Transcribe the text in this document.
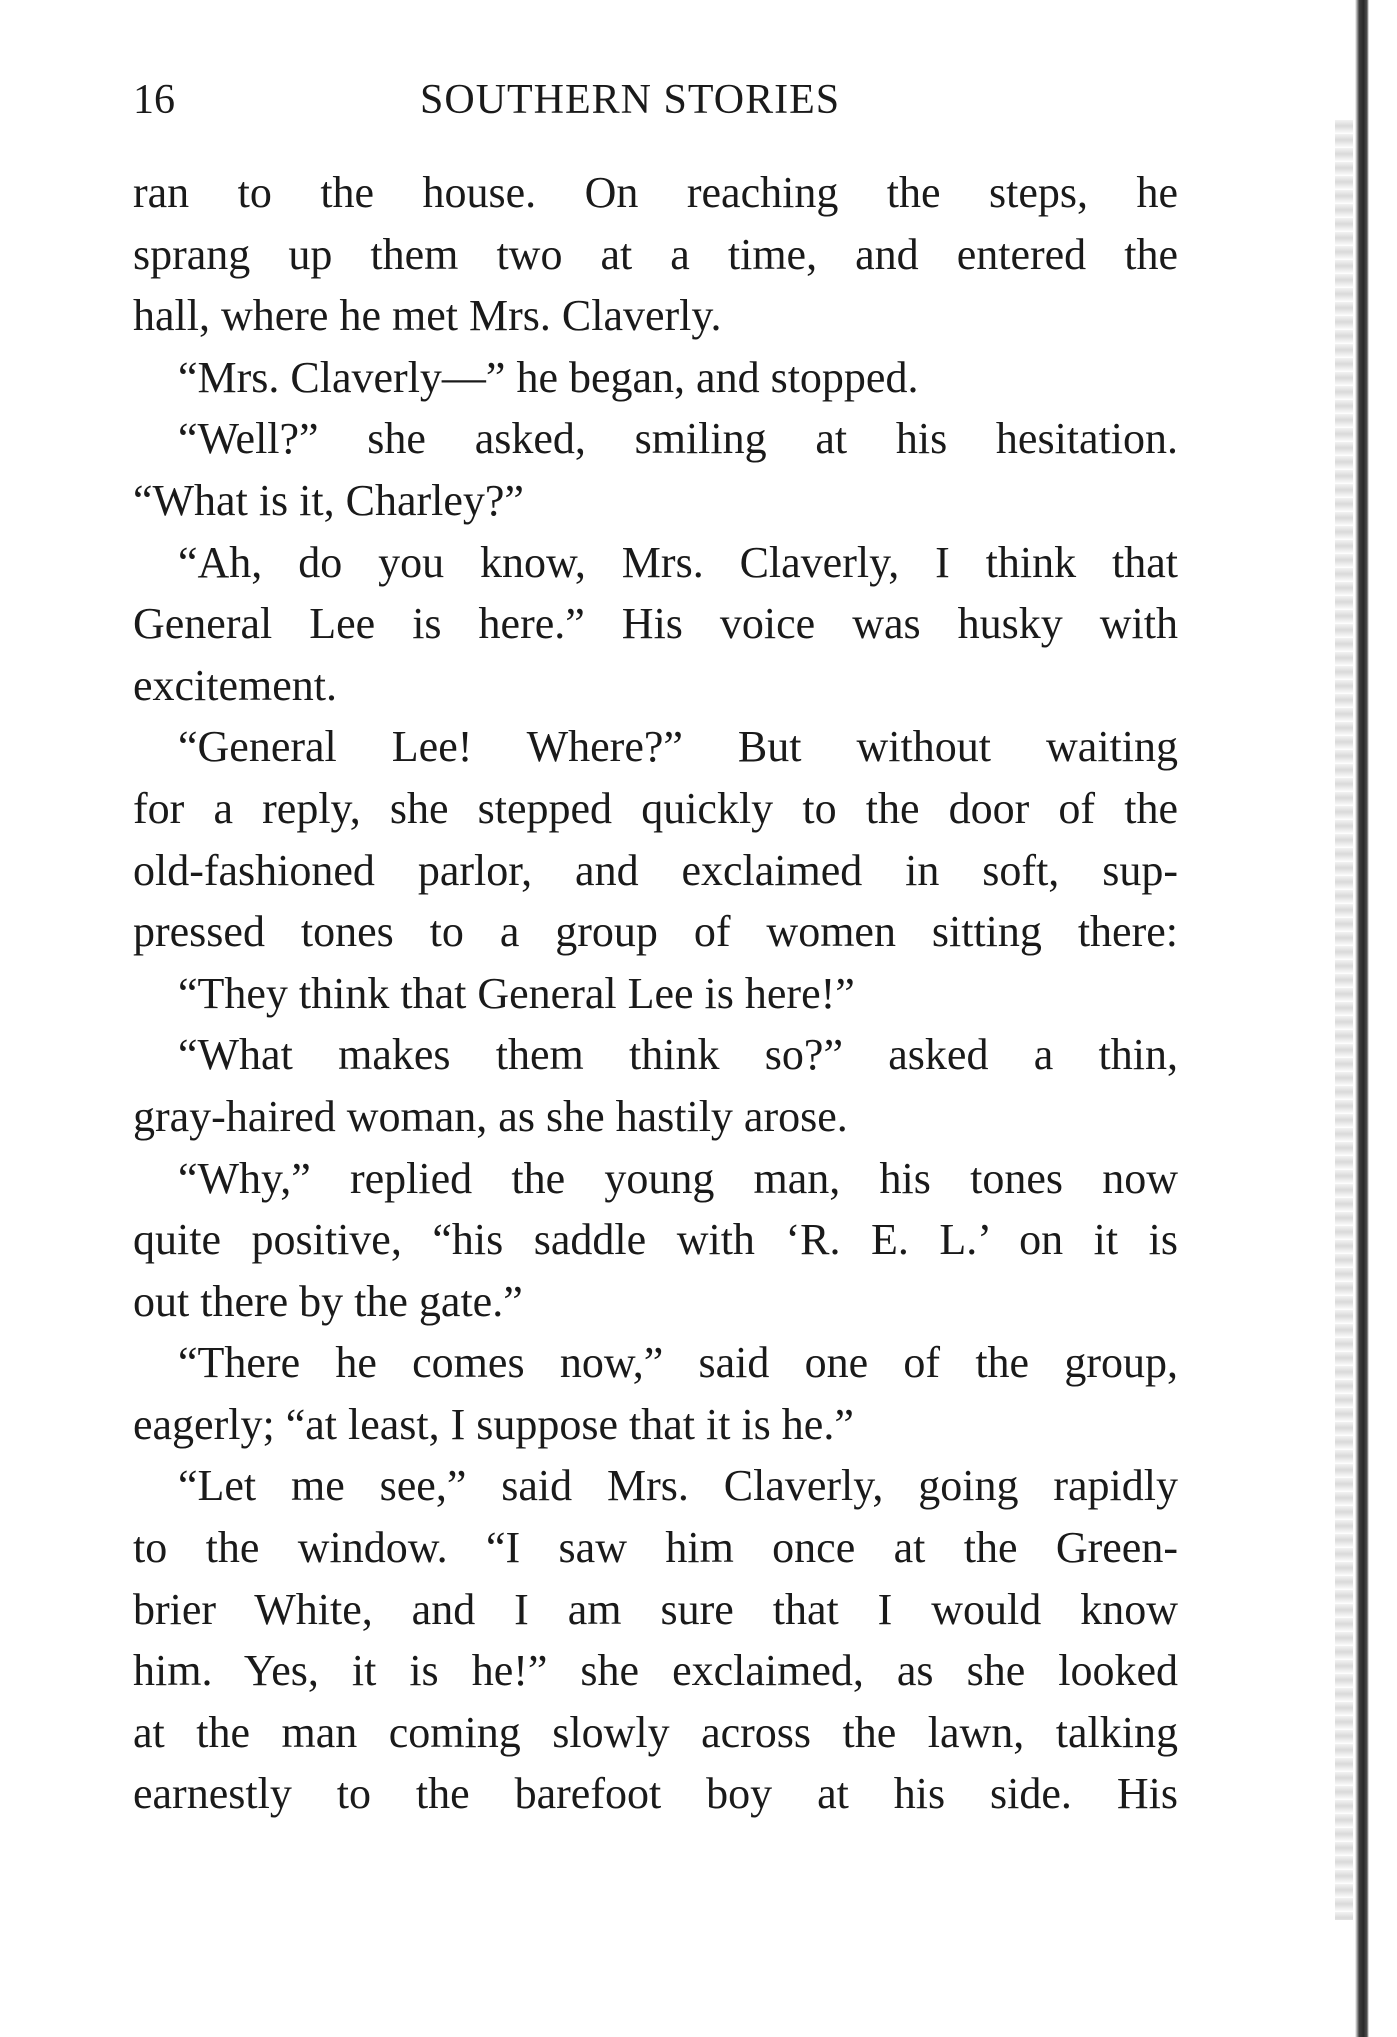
16	SOUTHERN STORIES
ran to the house. On reaching the steps, he
sprang up them two at a time, and entered the
hall, where he met Mrs. Claverly.
“Mrs. Claverly—” he began, and stopped.
“Well?” she asked, smiling at his hesitation.
“What is it, Charley?”
“Ah, do you know, Mrs. Claverly, I think that
General Lee is here.” His voice was husky with
excitement.
“General Lee! Where?” But without waiting
for a reply, she stepped quickly to the door of the
old-fashioned parlor, and exclaimed in soft, sup-
pressed tones to a group of women sitting there:
“They think that General Lee is here!”
“What makes them think so?” asked a thin,
gray-haired woman, as she hastily arose.
“Why,” replied the young man, his tones now
quite positive, “his saddle with ‘R. E. L.’ on it is
out there by the gate.”
“There he comes now,” said one of the group,
eagerly; “at least, I suppose that it is he.”
“Let me see,” said Mrs. Claverly, going rapidly
to the window. “I saw him once at the Green-
brier White, and I am sure that I would know
him. Yes, it is he!” she exclaimed, as she looked
at the man coming slowly across the lawn, talking
earnestly to the barefoot boy at his side. His
